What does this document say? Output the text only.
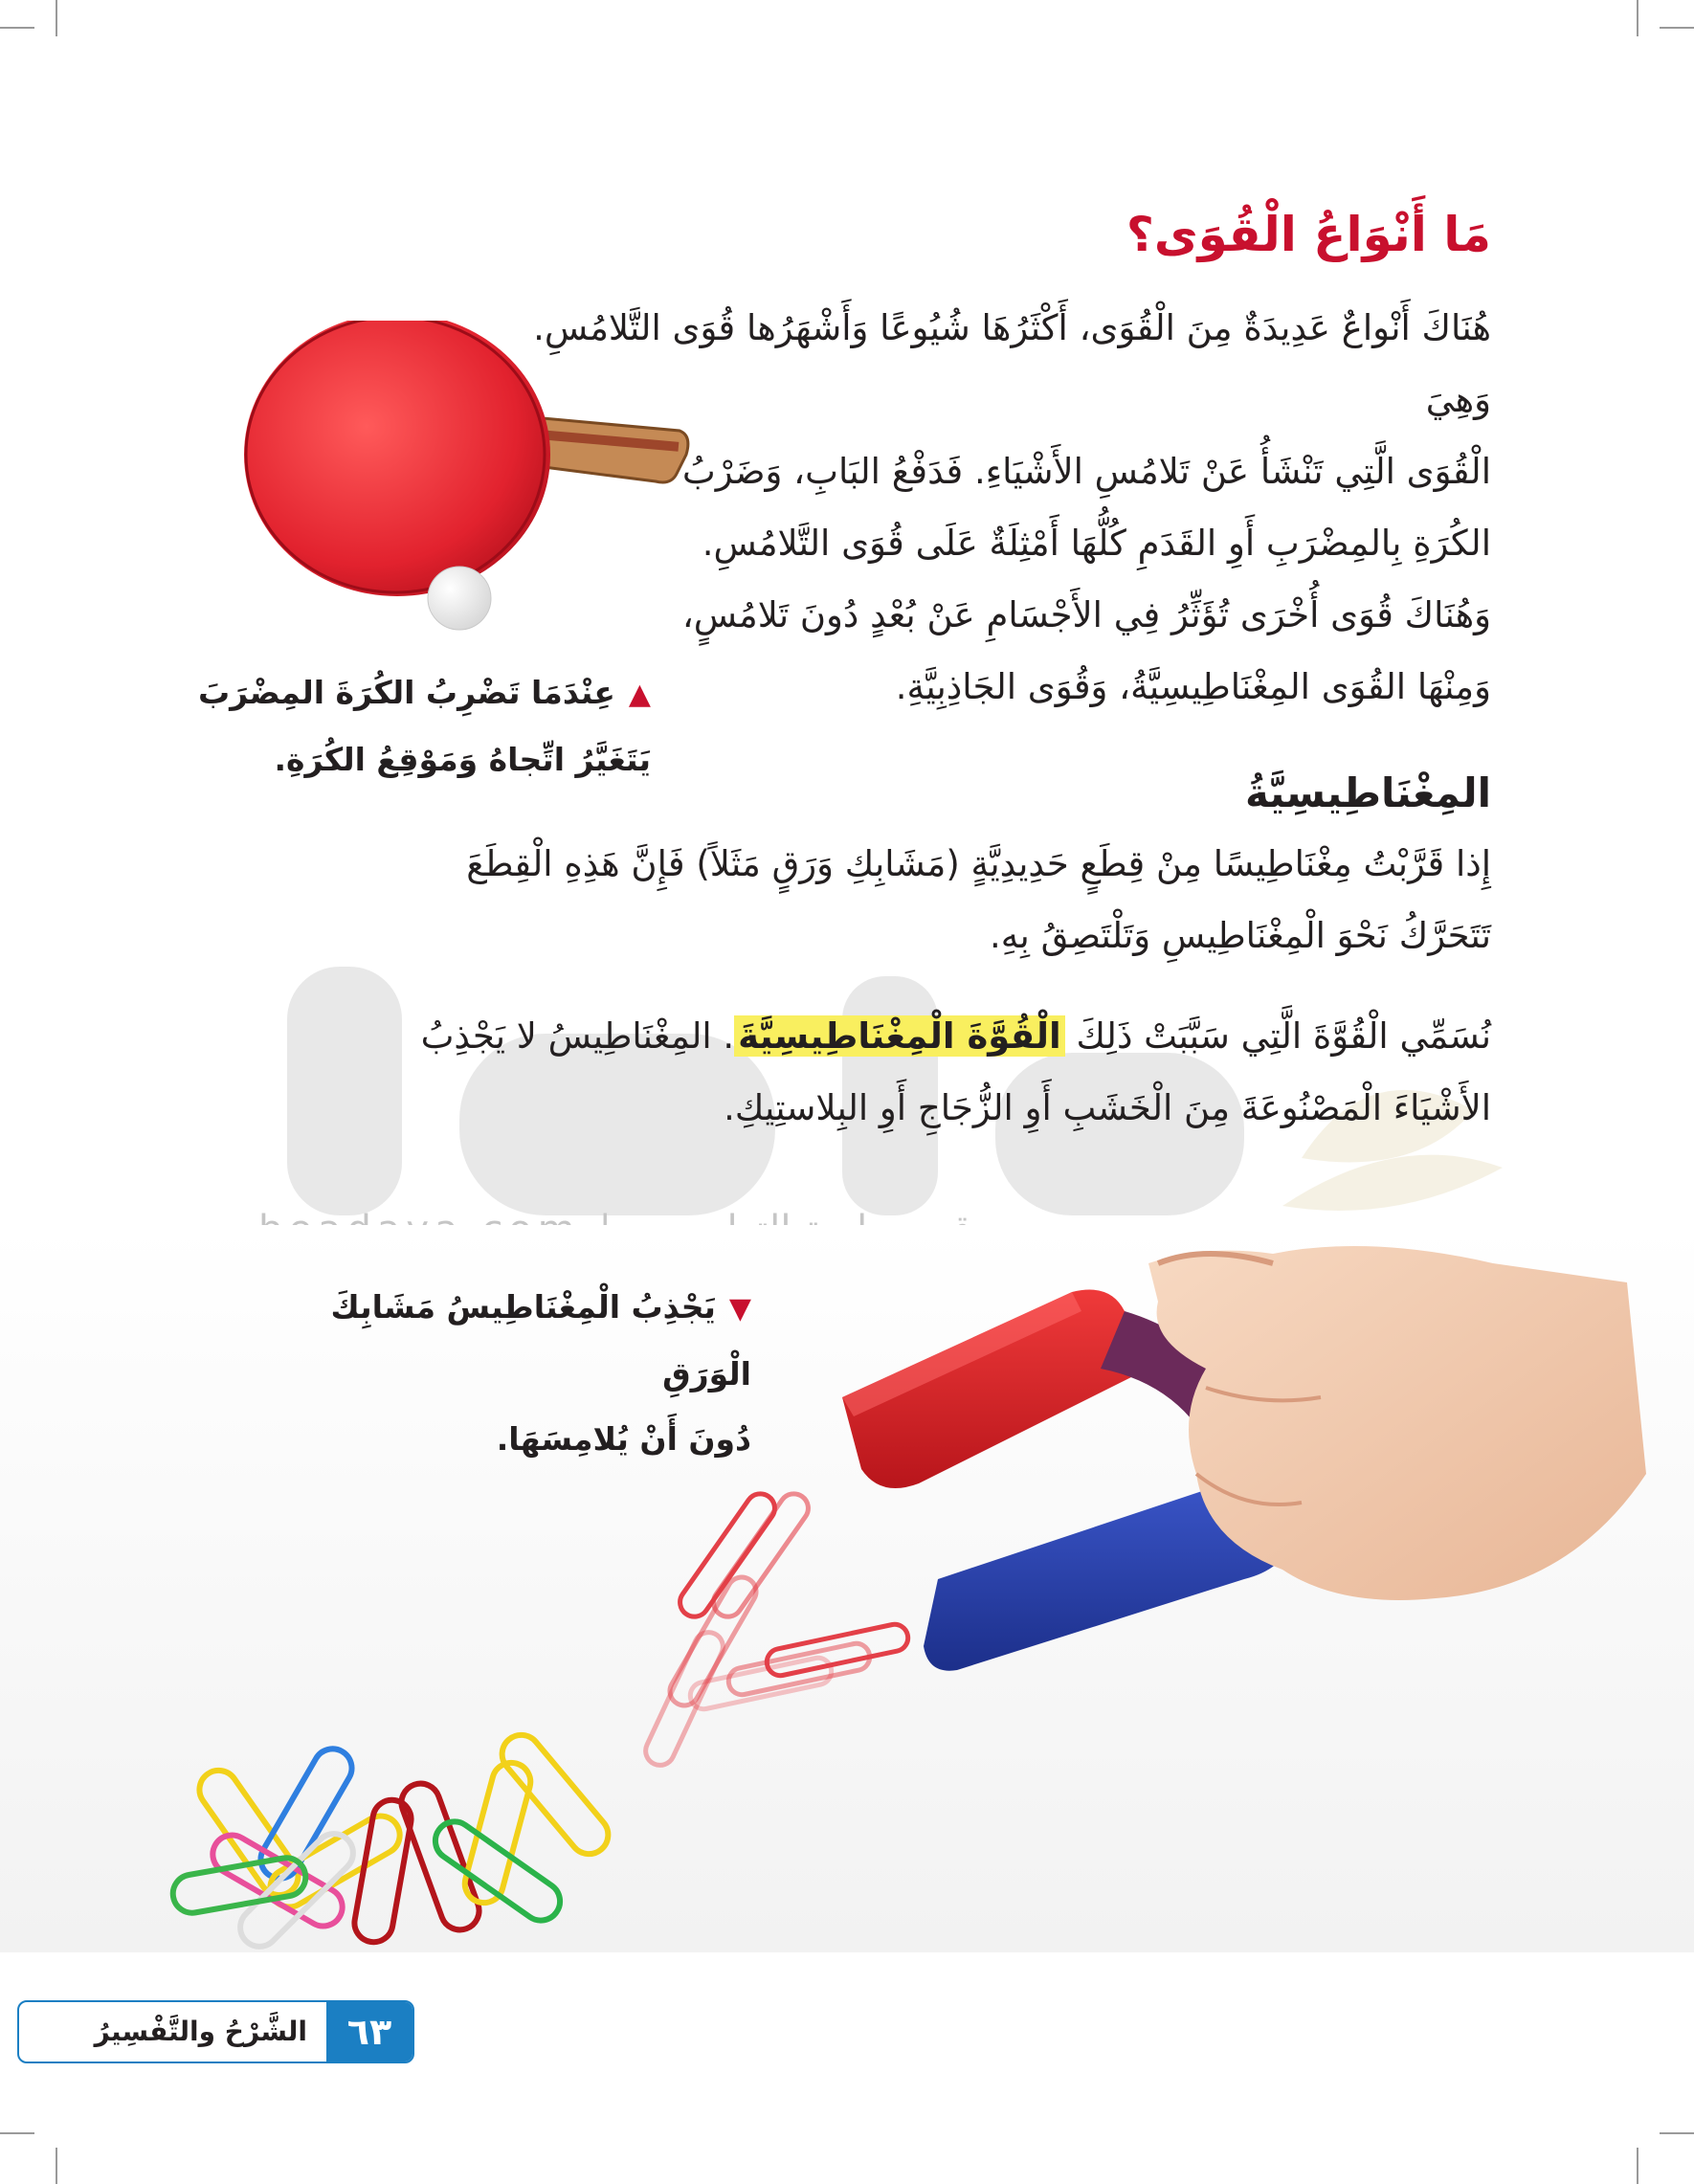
مَا أَنْوَاعُ الْقُوَى؟

هُنَاكَ أَنْواعٌ عَدِيدَةٌ مِنَ الْقُوَى، أَكْثَرُهَا شُيُوعًا وَأَشْهَرُها قُوَى التَّلامُسِ. وَهِيَ

الْقُوَى الَّتِي تَنْشَأُ عَنْ تَلامُسِ الأَشْيَاءِ. فَدَفْعُ البَابِ، وَضَرْبُ

الكُرَةِ بِالمِضْرَبِ أَوِ القَدَمِ كُلُّهَا أَمْثِلَةٌ عَلَى قُوَى التَّلامُسِ.

وَهُنَاكَ قُوَى أُخْرَى تُؤَثِّرُ فِي الأَجْسَامِ عَنْ بُعْدٍ دُونَ تَلامُسٍ،

وَمِنْهَا القُوَى المِغْنَاطِيسِيَّةُ، وَقُوَى الجَاذِبِيَّةِ.

▲عِنْدَمَا تَضْرِبُ الكُرَةَ المِضْرَبَ
يَتَغَيَّرُ اتِّجاهُ وَمَوْقِعُ الكُرَةِ.
المِغْنَاطِيسِيَّةُ
إِذا قَرَّبْتُ مِغْنَاطِيسًا مِنْ قِطَعٍ حَدِيدِيَّةٍ (مَشَابِكِ وَرَقٍ مَثَلاً) فَإِنَّ هَذِهِ الْقِطَعَ
تَتَحَرَّكُ نَحْوَ الْمِغْنَاطِيسِ وَتَلْتَصِقُ بِهِ.
نُسَمِّي الْقُوَّةَ الَّتِي سَبَّبَتْ ذَلِكَ الْقُوَّةَ الْمِغْنَاطِيسِيَّةَ. المِغْنَاطِيسُ لا يَجْذِبُ
الأَشْيَاءَ الْمَصْنُوعَةَ مِنَ الْخَشَبِ أَوِ الزُّجَاجِ أَوِ البِلاستِيكِ.
▼يَجْذِبُ الْمِغْنَاطِيسُ مَشَابِكَ الْوَرَقِ
دُونَ أَنْ يُلامِسَهَا.
٦٣
الشَّرْحُ والتَّفْسِيرُ
